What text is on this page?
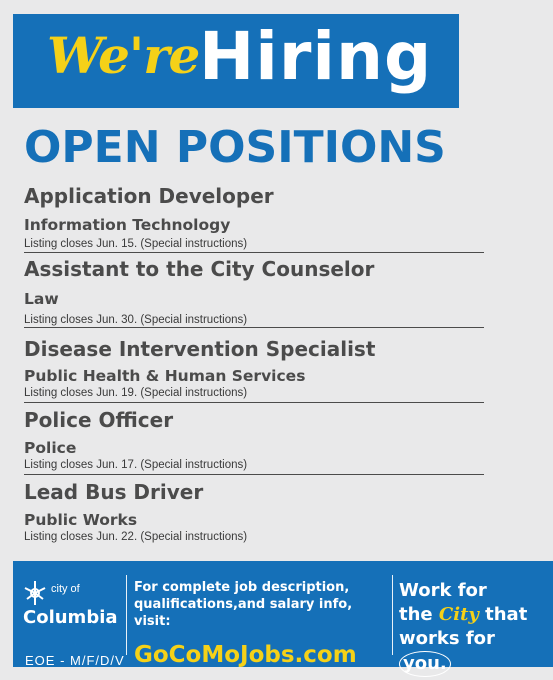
We're Hiring
OPEN POSITIONS
Application Developer
Information Technology
Listing closes Jun. 15. (Special instructions)
Assistant to the City Counselor
Law
Listing closes Jun. 30. (Special instructions)
Disease Intervention Specialist
Public Health & Human Services
Listing closes Jun. 19. (Special instructions)
Police Officer
Police
Listing closes Jun. 17. (Special instructions)
Lead Bus Driver
Public Works
Listing closes Jun. 22. (Special instructions)
city of
Columbia
EOE - M/F/D/V
For complete job description, qualifications,and salary info, visit:
GoCoMoJobs.com
Work for
the City that
works for you.
